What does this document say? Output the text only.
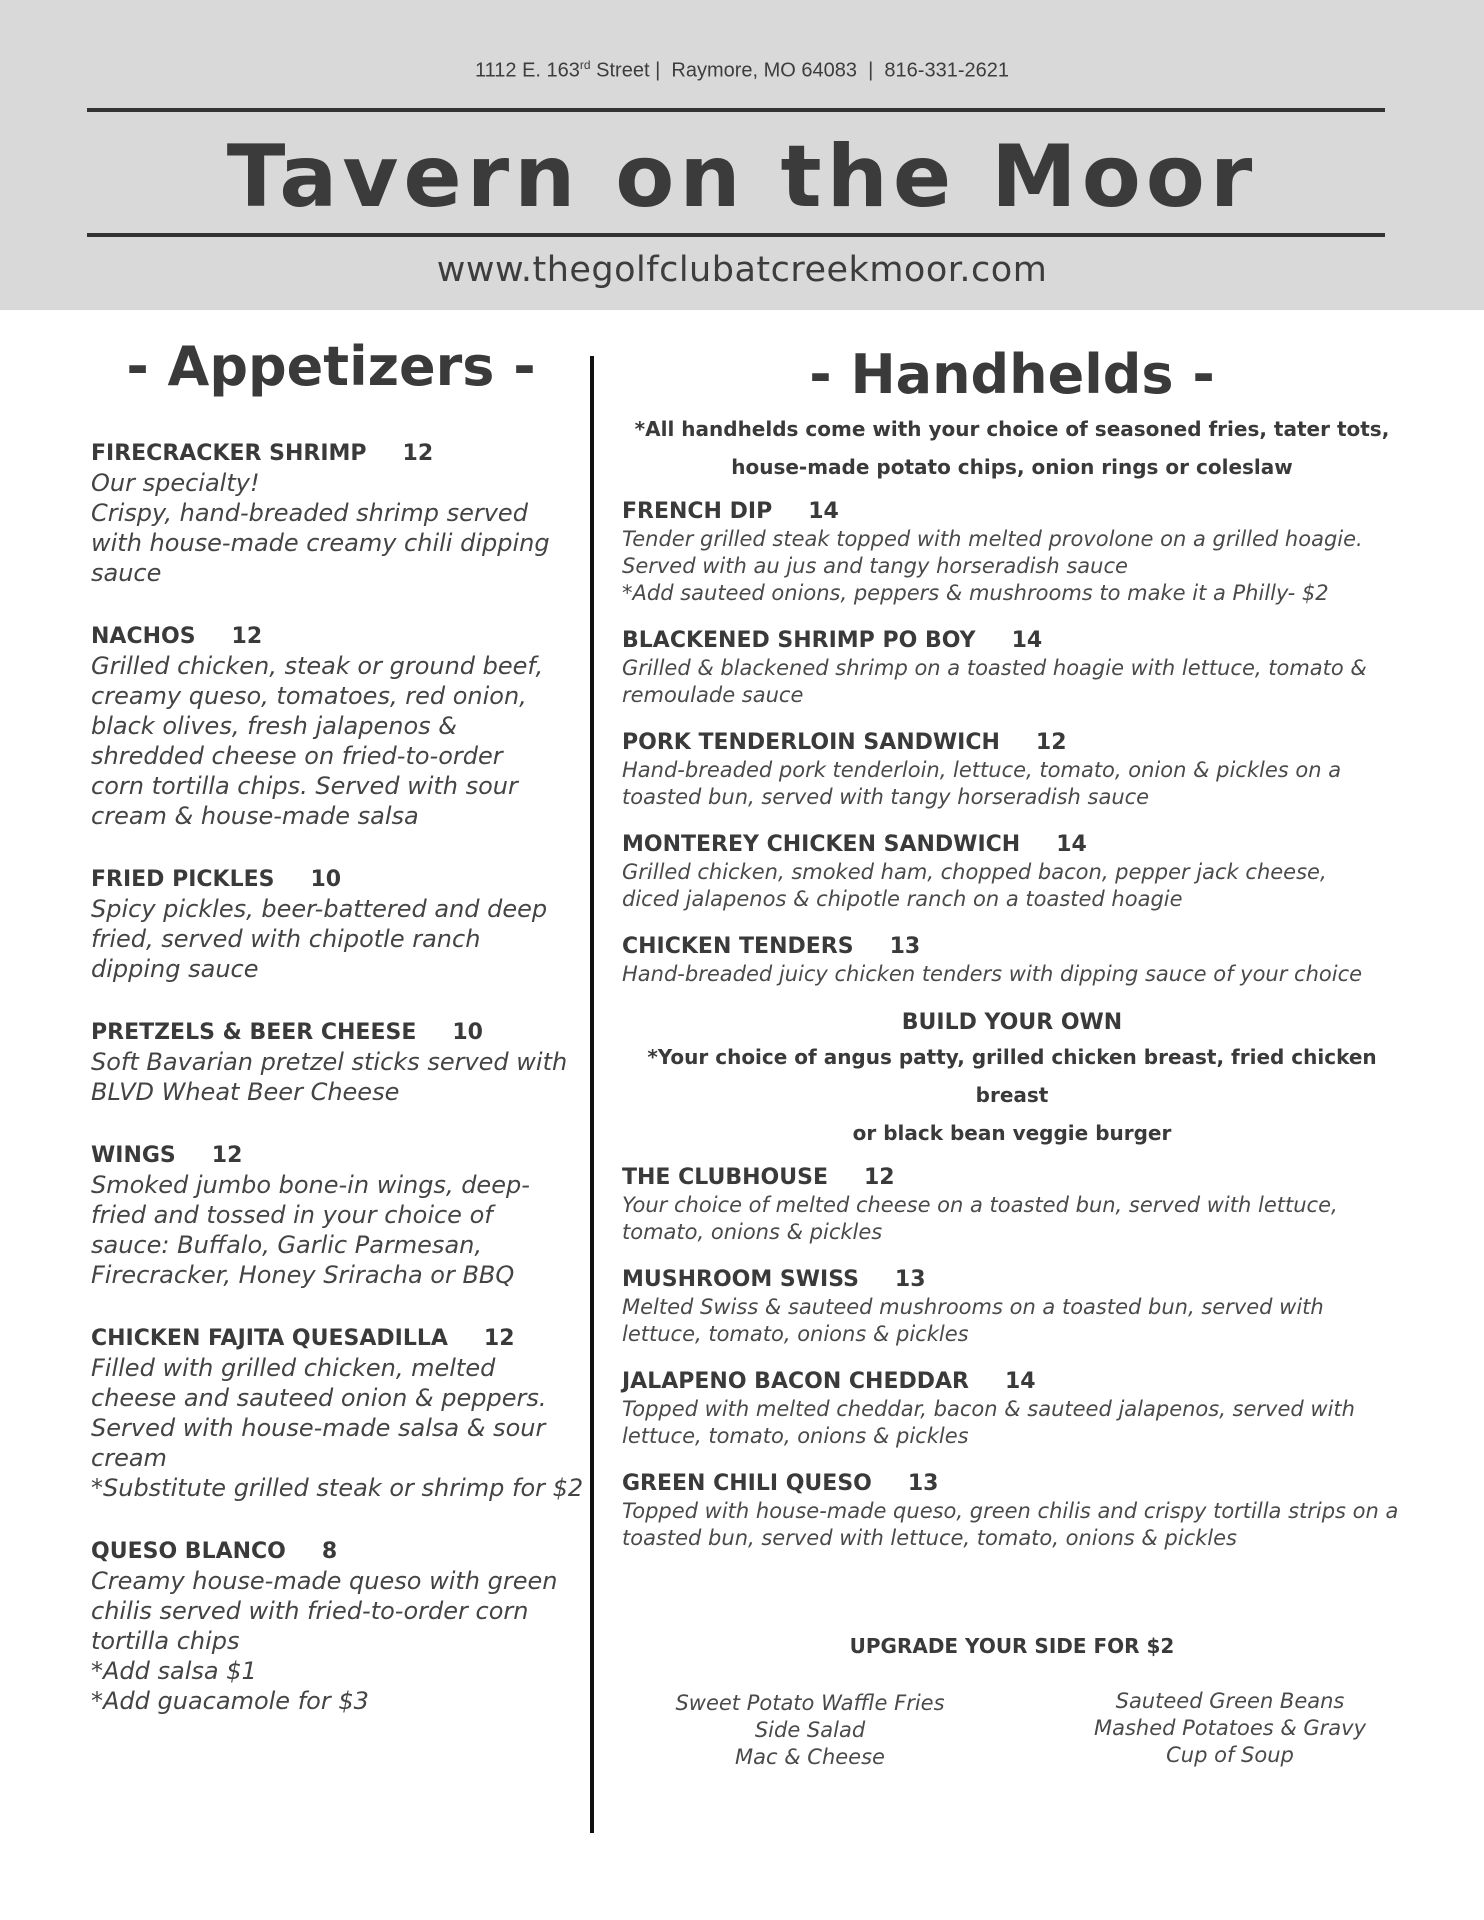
1112 E. 163rd Street |  Raymore, MO 64083  |  816-331-2621
Tavern on the Moor
www.thegolfclubatcreekmoor.com
- Appetizers -	- Handhelds -
FIRECRACKER SHRIMP 12
Our specialty!
Crispy, hand-breaded shrimp served
with house-made creamy chili dipping
sauce
NACHOS 12
Grilled chicken, steak or ground beef,
creamy queso, tomatoes, red onion,
black olives, fresh jalapenos &
shredded cheese on fried-to-order
corn tortilla chips. Served with sour
cream & house-made salsa
FRIED PICKLES 10
Spicy pickles, beer-battered and deep
fried, served with chipotle ranch
dipping sauce
PRETZELS & BEER CHEESE 10
Soft Bavarian pretzel sticks served with
BLVD Wheat Beer Cheese
WINGS 12
Smoked jumbo bone-in wings, deep-
fried and tossed in your choice of
sauce: Buffalo, Garlic Parmesan,
Firecracker, Honey Sriracha or BBQ
CHICKEN FAJITA QUESADILLA 12
Filled with grilled chicken, melted
cheese and sauteed onion & peppers.
Served with house-made salsa & sour
cream
*Substitute grilled steak or shrimp for $2
QUESO BLANCO 8
Creamy house-made queso with green
chilis served with fried-to-order corn
tortilla chips
*Add salsa $1
*Add guacamole for $3
*All handhelds come with your choice of seasoned fries, tater tots,
house-made potato chips, onion rings or coleslaw
FRENCH DIP 14
Tender grilled steak topped with melted provolone on a grilled hoagie.
Served with au jus and tangy horseradish sauce
*Add sauteed onions, peppers & mushrooms to make it a Philly- $2
BLACKENED SHRIMP PO BOY 14
Grilled & blackened shrimp on a toasted hoagie with lettuce, tomato &
remoulade sauce
PORK TENDERLOIN SANDWICH 12
Hand-breaded pork tenderloin, lettuce, tomato, onion & pickles on a
toasted bun, served with tangy horseradish sauce
MONTEREY CHICKEN SANDWICH 14
Grilled chicken, smoked ham, chopped bacon, pepper jack cheese,
diced jalapenos & chipotle ranch on a toasted hoagie
CHICKEN TENDERS 13
Hand-breaded juicy chicken tenders with dipping sauce of your choice
BUILD YOUR OWN
*Your choice of angus patty, grilled chicken breast, fried chicken breast
or black bean veggie burger
THE CLUBHOUSE 12
Your choice of melted cheese on a toasted bun, served with lettuce,
tomato, onions & pickles
MUSHROOM SWISS 13
Melted Swiss & sauteed mushrooms on a toasted bun, served with
lettuce, tomato, onions & pickles
JALAPENO BACON CHEDDAR 14
Topped with melted cheddar, bacon & sauteed jalapenos, served with
lettuce, tomato, onions & pickles
GREEN CHILI QUESO 13
Topped with house-made queso, green chilis and crispy tortilla strips on a
toasted bun, served with lettuce, tomato, onions & pickles
UPGRADE YOUR SIDE FOR $2
Sweet Potato Waffle Fries
Side Salad
Mac & Cheese
Sauteed Green Beans
Mashed Potatoes & Gravy
Cup of Soup
